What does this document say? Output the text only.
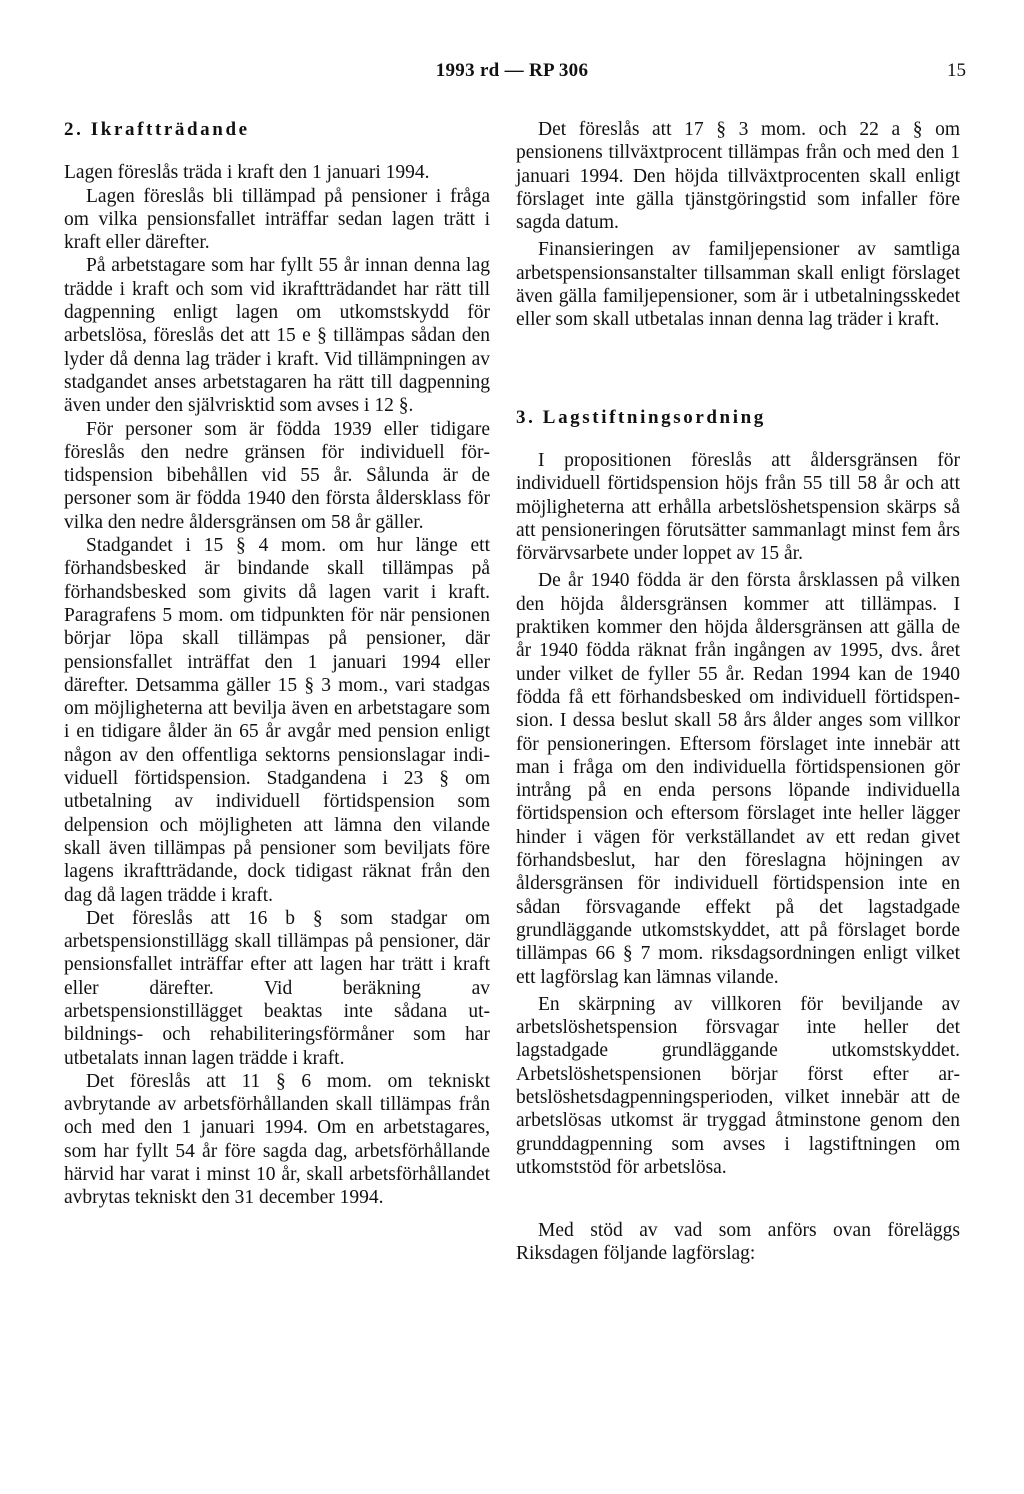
1993 rd — RP 306	15
2. Ikraftträdande

Lagen föreslås träda i kraft den 1 januari 1994.

Lagen föreslås bli tillämpad på pensioner i fråga om vilka pensionsfallet inträffar sedan lagen trätt i kraft eller därefter.

På arbetstagare som har fyllt 55 år innan denna lag trädde i kraft och som vid ikraftträdandet har rätt till dagpenning enligt lagen om utkomstskydd för arbetslösa, föreslås det att 15 e § tillämpas sådan den lyder då denna lag träder i kraft. Vid tillämpningen av stadgandet anses arbetstagaren ha rätt till dagpenning även under den självrisktid som avses i 12 §.

För personer som är födda 1939 eller tidigare föreslås den nedre gränsen för individuell förtidspension bibehållen vid 55 år. Sålunda är de personer som är födda 1940 den första åldersklass för vilka den nedre åldersgränsen om 58 år gäller.

Stadgandet i 15 § 4 mom. om hur länge ett förhandsbesked är bindande skall tillämpas på förhandsbesked som givits då lagen varit i kraft. Paragrafens 5 mom. om tidpunkten för när pensionen börjar löpa skall tillämpas på pensioner, där pensionsfallet inträffat den 1 januari 1994 eller därefter. Detsamma gäller 15 § 3 mom., vari stadgas om möjligheterna att bevilja även en arbetstagare som i en tidigare ålder än 65 år avgår med pension enligt någon av den offentliga sektorns pensionslagar individuell förtidspension. Stadgandena i 23 § om utbetalning av individuell förtidspension som delpension och möjligheten att lämna den vilande skall även tillämpas på pensioner som beviljats före lagens ikraftträdande, dock tidigast räknat från den dag då lagen trädde i kraft.

Det föreslås att 16 b § som stadgar om arbetspensionstillägg skall tillämpas på pensioner, där pensionsfallet inträffar efter att lagen har trätt i kraft eller därefter. Vid beräkning av arbetspensionstillägget beaktas inte sådana utbildnings- och rehabiliteringsförmåner som har utbetalats innan lagen trädde i kraft.

Det föreslås att 11 § 6 mom. om tekniskt avbrytande av arbetsförhållanden skall tillämpas från och med den 1 januari 1994. Om en arbetstagares, som har fyllt 54 år före sagda dag, arbetsförhållande härvid har varat i minst 10 år, skall arbetsförhållandet avbrytas tekniskt den 31 december 1994.

Det föreslås att 17 § 3 mom. och 22 a § om pensionens tillväxtprocent tillämpas från och med den 1 januari 1994. Den höjda tillväxtprocenten skall enligt förslaget inte gälla tjänstgöringstid som infaller före sagda datum.

Finansieringen av familjepensioner av samtliga arbetspensionsanstalter tillsamman skall enligt förslaget även gälla familjepensioner, som är i utbetalningsskedet eller som skall utbetalas innan denna lag träder i kraft.

3. Lagstiftningsordning

I propositionen föreslås att åldersgränsen för individuell förtidspension höjs från 55 till 58 år och att möjligheterna att erhålla arbetslöshetspension skärps så att pensioneringen förutsätter sammanlagt minst fem års förvärvsarbete under loppet av 15 år.

De år 1940 födda är den första årsklassen på vilken den höjda åldersgränsen kommer att tillämpas. I praktiken kommer den höjda åldersgränsen att gälla de år 1940 födda räknat från ingången av 1995, dvs. året under vilket de fyller 55 år. Redan 1994 kan de 1940 födda få ett förhandsbesked om individuell förtidspension. I dessa beslut skall 58 års ålder anges som villkor för pensioneringen. Eftersom förslaget inte innebär att man i fråga om den individuella förtidspensionen gör intrång på en enda persons löpande individuella förtidspension och eftersom förslaget inte heller lägger hinder i vägen för verkställandet av ett redan givet förhandsbeslut, har den föreslagna höjningen av åldersgränsen för individuell förtidspension inte en sådan försvagande effekt på det lagstadgade grundläggande utkomstskyddet, att på förslaget borde tillämpas 66 § 7 mom. riksdagsordningen enligt vilket ett lagförslag kan lämnas vilande.

En skärpning av villkoren för beviljande av arbetslöshetspension försvagar inte heller det lagstadgade grundläggande utkomstskyddet. Arbetslöshetspensionen börjar först efter arbetslöshetsdagpenningsperioden, vilket innebär att de arbetslösas utkomst är tryggad åtminstone genom den grunddagpenning som avses i lagstiftningen om utkomststöd för arbetslösa.

Med stöd av vad som anförs ovan föreläggs Riksdagen följande lagförslag:
